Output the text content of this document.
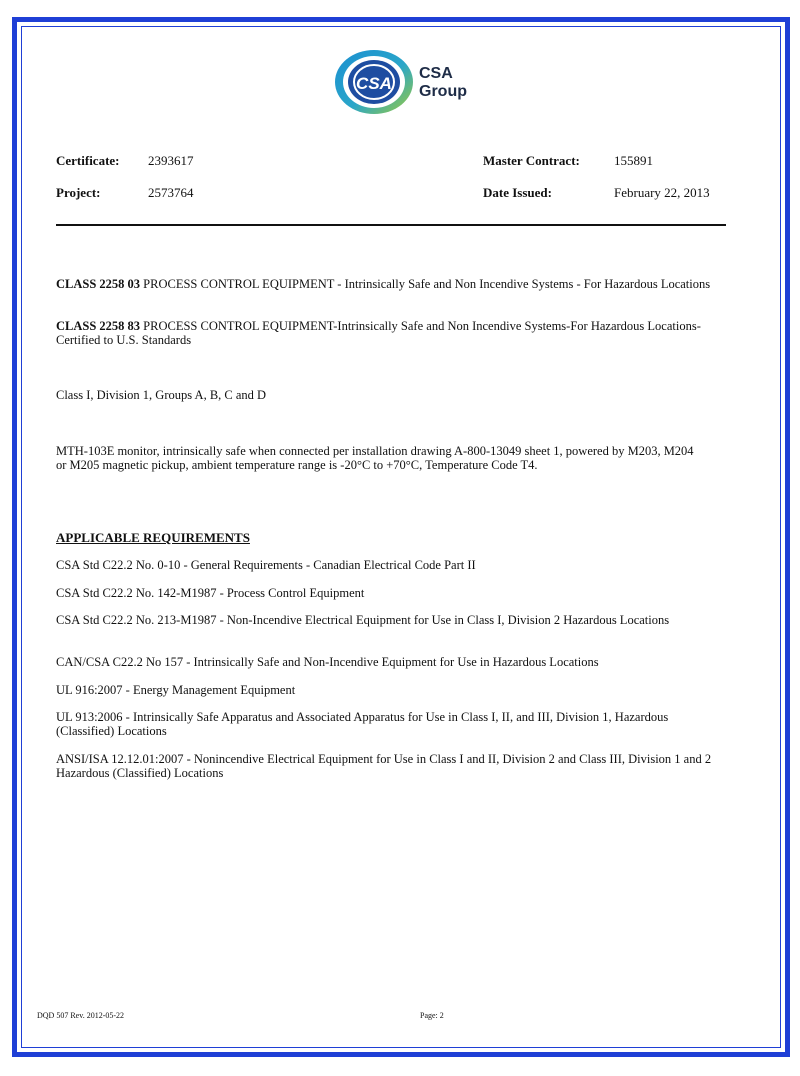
CSA
CSA
Group
Certificate: 2393617	Master Contract:	155891
Project:	2573764	Date Issued:	February 22, 2013
CLASS 2258 03 PROCESS CONTROL EQUIPMENT - Intrinsically Safe and Non Incendive Systems - For Hazardous Locations
CLASS 2258 83 PROCESS CONTROL EQUIPMENT-Intrinsically Safe and Non Incendive Systems-For Hazardous Locations-Certified to U.S. Standards
Class I, Division 1, Groups A, B, C and D
MTH-103E monitor, intrinsically safe when connected per installation drawing A-800-13049 sheet 1, powered by M203, M204 or M205 magnetic pickup, ambient temperature range is -20°C to +70°C, Temperature Code T4.
APPLICABLE REQUIREMENTS
CSA Std C22.2 No. 0-10 - General Requirements - Canadian Electrical Code Part II
CSA Std C22.2 No. 142-M1987 - Process Control Equipment
CSA Std C22.2 No. 213-M1987 - Non-Incendive Electrical Equipment for Use in Class I, Division 2 Hazardous Locations
CAN/CSA C22.2 No 157 - Intrinsically Safe and Non-Incendive Equipment for Use in Hazardous Locations
UL 916:2007 - Energy Management Equipment
UL 913:2006 - Intrinsically Safe Apparatus and Associated Apparatus for Use in Class I, II, and III, Division 1, Hazardous (Classified) Locations
ANSI/ISA 12.12.01:2007 - Nonincendive Electrical Equipment for Use in Class I and II, Division 2 and Class III, Division 1 and 2 Hazardous (Classified) Locations
DQD 507 Rev. 2012-05-22	Page: 2
